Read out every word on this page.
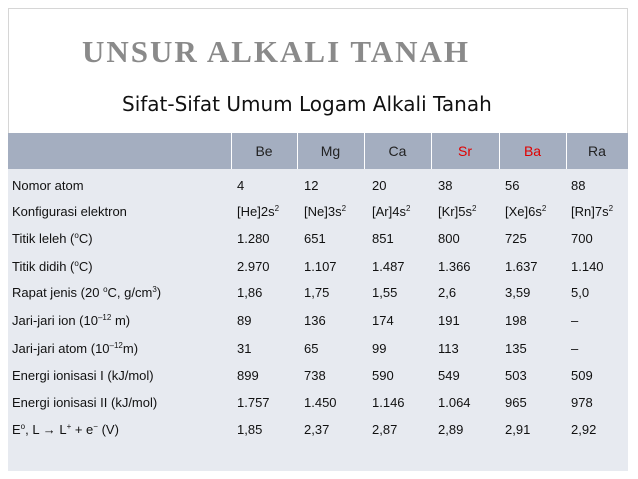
UNSUR ALKALI TANAH
Sifat-Sifat Umum Logam Alkali Tanah
Be	Mg	Ca	Sr	Ba	Ra
Nomor atom	4	12	20	38	56	88
Konfigurasi elektron	$[He]2s^2$ $[Ne]3s^2$ $[Ar]4s^2$ $[Kr]5s^2$ $[Xe]6s^2$ $[Rn]7s^2$
Titik leleh ($^o$C)	1.280	651	851	800	725	700
Titik didih ($^o$C)	2.970	1.107	1.487	1.366	1.637	1.140
Rapat jenis (20 $^o$C, $g/cm^3$)	1,86	1,75	1,55	2,6	3,59	5,0
Jari-jari ion ($10^{-12}$ m)	89	136	174	191	198	–
Jari-jari atom $(10^{-12}m)$	31	65	99	113	135	–
Energi ionisasi I (kJ/mol)	899	738	590	549	503	509
Energi ionisasi II (kJ/mol)	1.757	1.450	1.146	1.064	965	978
$E^o$, L → L+ + e− (V)	1,85	2,37	2,87	2,89	2,91	2,92
